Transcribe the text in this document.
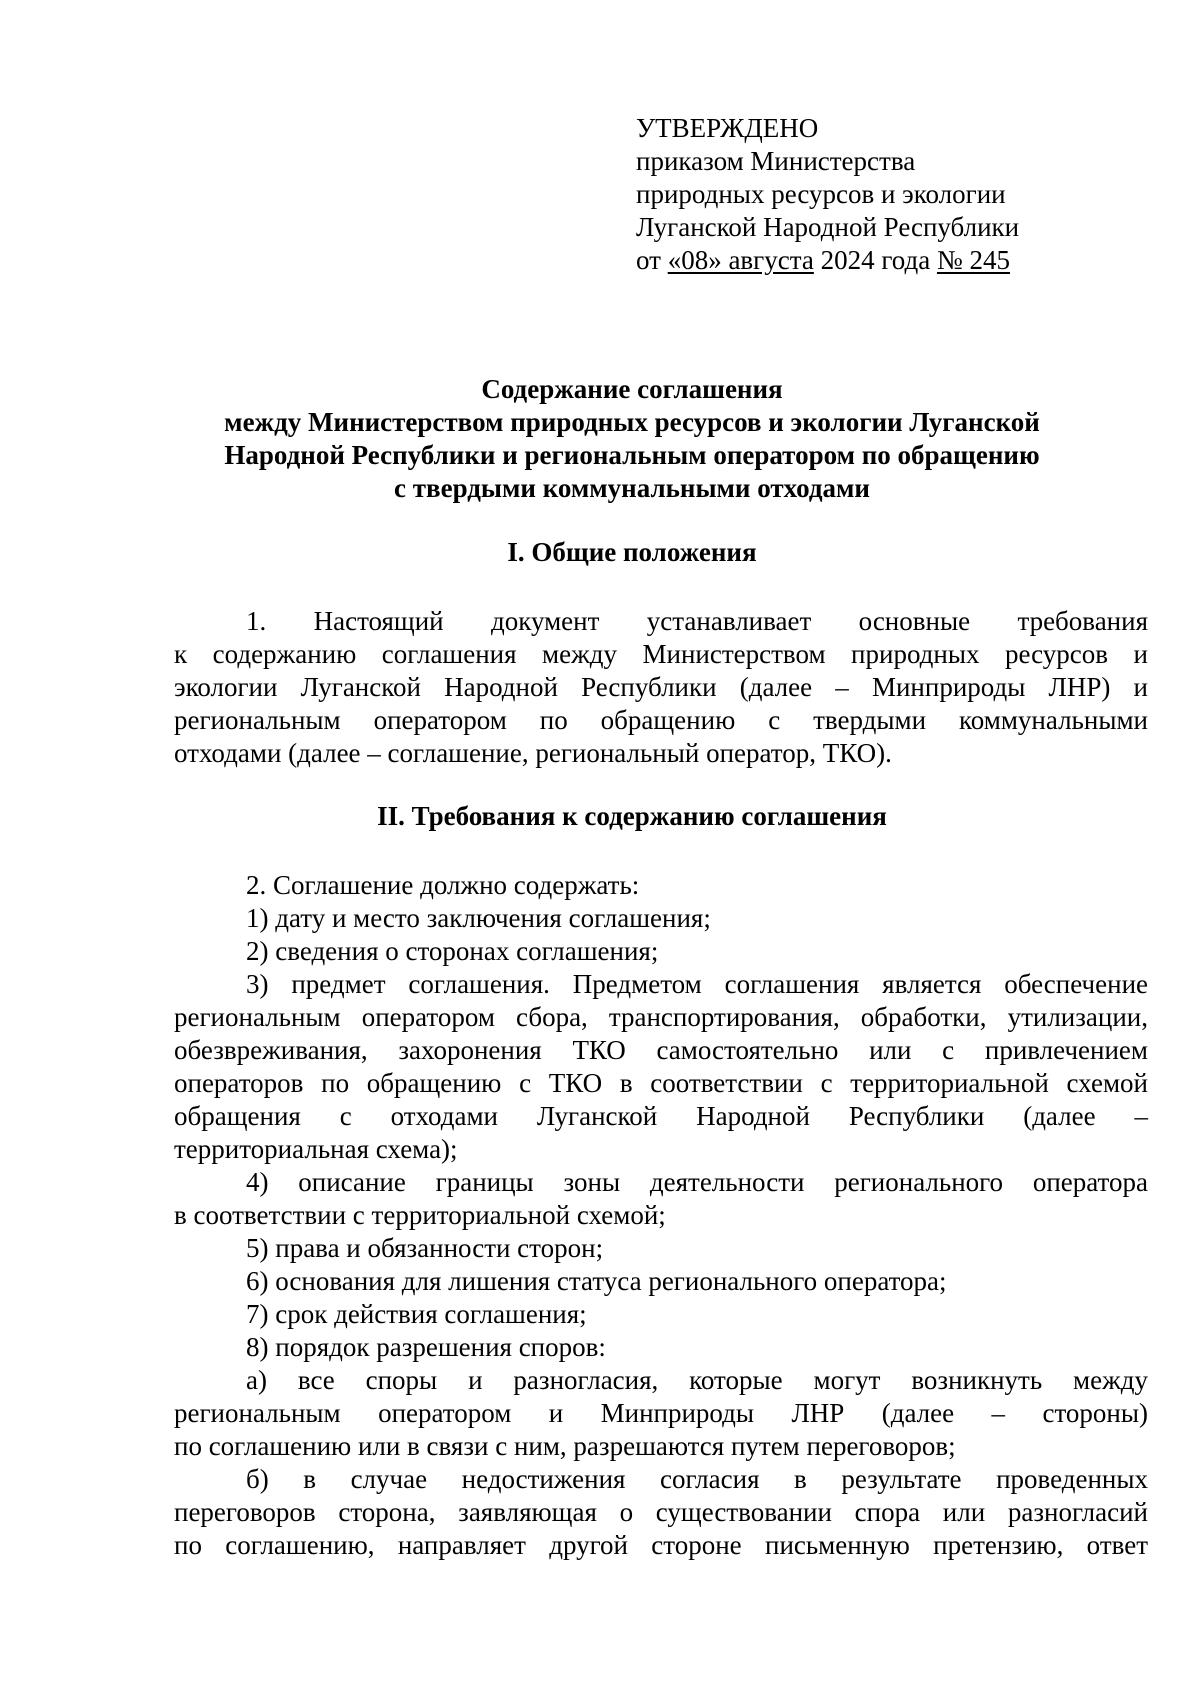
УТВЕРЖДЕНО
приказом Министерства
природных ресурсов и экологии
Луганской Народной Республики
от «08» августа 2024 года № 245
Содержание соглашения
между Министерством природных ресурсов и экологии Луганской
Народной Республики и региональным оператором по обращению
с твердыми коммунальными отходами
I. Общие положения
1. Настоящий документ устанавливает основные требования
к содержанию соглашения между Министерством природных ресурсов и
экологии Луганской Народной Республики (далее – Минприроды ЛНР) и
региональным оператором по обращению с твердыми коммунальными
отходами (далее – соглашение, региональный оператор, ТКО).
II. Требования к содержанию соглашения
2. Соглашение должно содержать:
1) дату и место заключения соглашения;
2) сведения о сторонах соглашения;
3) предмет соглашения. Предметом соглашения является обеспечение
региональным оператором сбора, транспортирования, обработки, утилизации,
обезвреживания, захоронения ТКО самостоятельно или с привлечением
операторов по обращению с ТКО в соответствии с территориальной схемой
обращения с отходами Луганской Народной Республики (далее –
территориальная схема);
4) описание границы зоны деятельности регионального оператора
в соответствии с территориальной схемой;
5) права и обязанности сторон;
6) основания для лишения статуса регионального оператора;
7) срок действия соглашения;
8) порядок разрешения споров:
а) все споры и разногласия, которые могут возникнуть между
региональным оператором и Минприроды ЛНР (далее – стороны)
по соглашению или в связи с ним, разрешаются путем переговоров;
б) в случае недостижения согласия в результате проведенных
переговоров сторона, заявляющая о существовании спора или разногласий
по соглашению, направляет другой стороне письменную претензию, ответ
